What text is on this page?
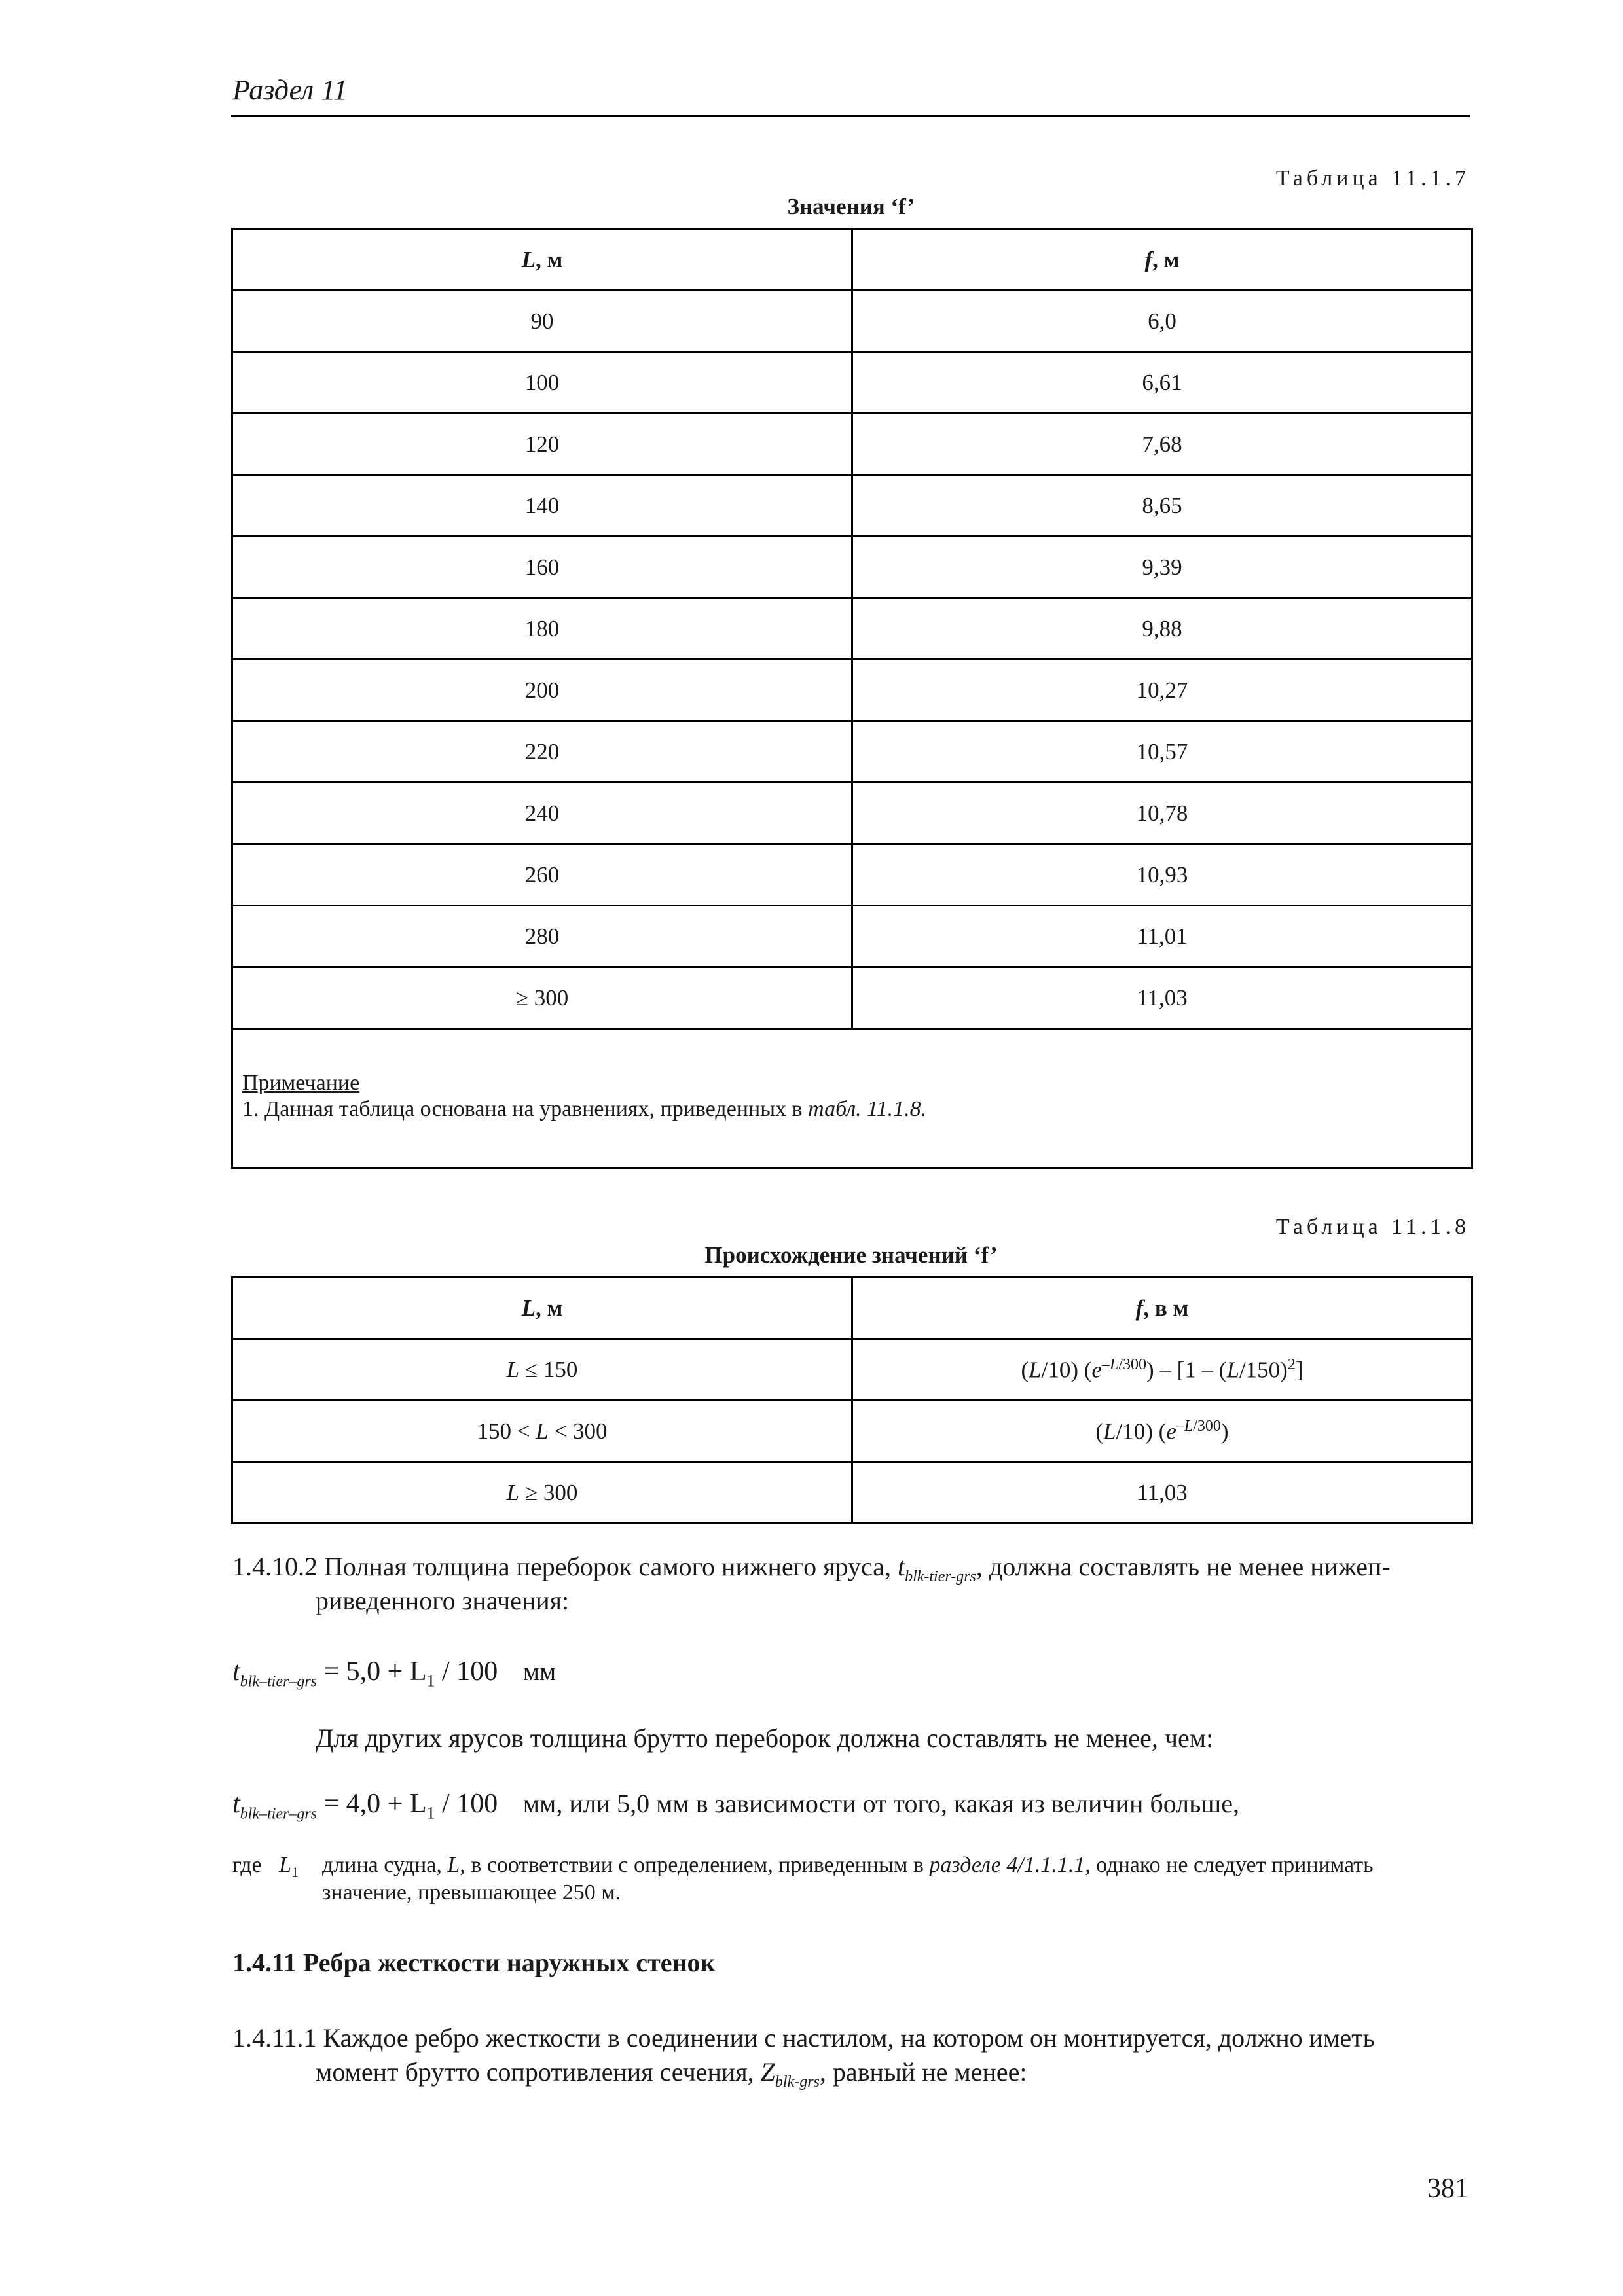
Раздел 11
Таблица 11.1.7
Значения ‘f’
L, м	f, м
90	6,0
100	6,61
120	7,68
140	8,65
160	9,39
180	9,88
200	10,27
220	10,57
240	10,78
260	10,93
280	11,01
≥ 300	11,03

Примечание
1. Данная таблица основана на уравнениях, приведенных в табл. 11.1.8.	
Таблица 11.1.8
Происхождение значений ‘f’
L, м	f, в м
L ≤ 150	(L/10) $(e^{-L/300}) - [1 - (L/150)^2]$
150 < L < 300	(L/10) $(e^{-L/300})$
L ≥ 300	11,03
1.4.10.2 Полная толщина переборок самого нижнего яруса, $t_{blk-tier-grs}$, должна составлять не менее нижеп-
риведенного значения:
$t_{blk-tier-grs} = 5,0 + L_1 / 100$ мм
Для других ярусов толщина брутто переборок должна составлять не менее, чем:
$t_{blk-tier-grs} = 4,0 + L_1 / 100$ мм, или 5,0 мм в зависимости от того, какая из величин больше,
где $L_1$ длина судна, L, в соответствии с определением, приведенным в разделе 4/1.1.1.1, однако не следует принимать
значение, превышающее 250 м.
1.4.11 Ребра жесткости наружных стенок
1.4.11.1 Каждое ребро жесткости в соединении с настилом, на котором он монтируется, должно иметь
момент брутто сопротивления сечения, $Z_{blk-grs}$, равный не менее:
381
